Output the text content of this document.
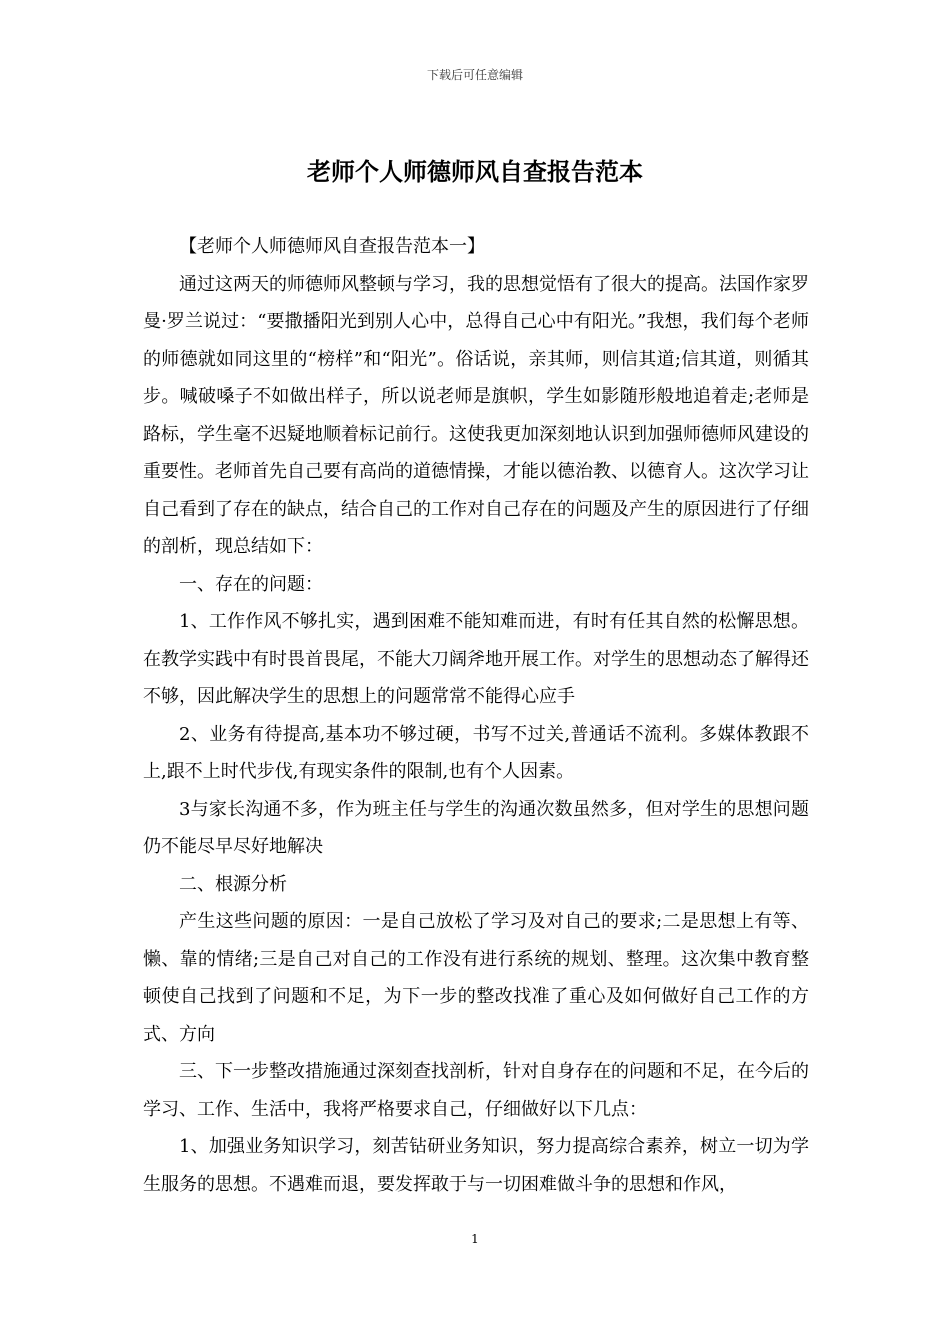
下载后可任意编辑
老师个人师德师风自查报告范本

【老师个人师德师风自查报告范本一】

通过这两天的师德师风整顿与学习，我的思想觉悟有了很大的提高。法国作家罗曼·罗兰说过：“要撒播阳光到别人心中，总得自己心中有阳光。”我想，我们每个老师的师德就如同这里的“榜样”和“阳光”。俗话说，亲其师，则信其道;信其道，则循其步。喊破嗓子不如做出样子，所以说老师是旗帜，学生如影随形般地追着走;老师是路标，学生毫不迟疑地顺着标记前行。这使我更加深刻地认识到加强师德师风建设的重要性。老师首先自己要有高尚的道德情操，才能以德治教、以德育人。这次学习让自己看到了存在的缺点，结合自己的工作对自己存在的问题及产生的原因进行了仔细的剖析，现总结如下：

一、存在的问题：

1、工作作风不够扎实，遇到困难不能知难而进，有时有任其自然的松懈思想。在教学实践中有时畏首畏尾，不能大刀阔斧地开展工作。对学生的思想动态了解得还不够，因此解决学生的思想上的问题常常不能得心应手

2、业务有待提高,基本功不够过硬，书写不过关,普通话不流利。多媒体教跟不上,跟不上时代步伐,有现实条件的限制,也有个人因素。

3与家长沟通不多，作为班主任与学生的沟通次数虽然多，但对学生的思想问题仍不能尽早尽好地解决

二、根源分析

产生这些问题的原因：一是自己放松了学习及对自己的要求;二是思想上有等、懒、靠的情绪;三是自己对自己的工作没有进行系统的规划、整理。这次集中教育整顿使自己找到了问题和不足，为下一步的整改找准了重心及如何做好自己工作的方式、方向

三、下一步整改措施通过深刻查找剖析，针对自身存在的问题和不足，在今后的学习、工作、生活中，我将严格要求自己，仔细做好以下几点：

1、加强业务知识学习，刻苦钻研业务知识，努力提高综合素养，树立一切为学生服务的思想。不遇难而退，要发挥敢于与一切困难做斗争的思想和作风，

1
